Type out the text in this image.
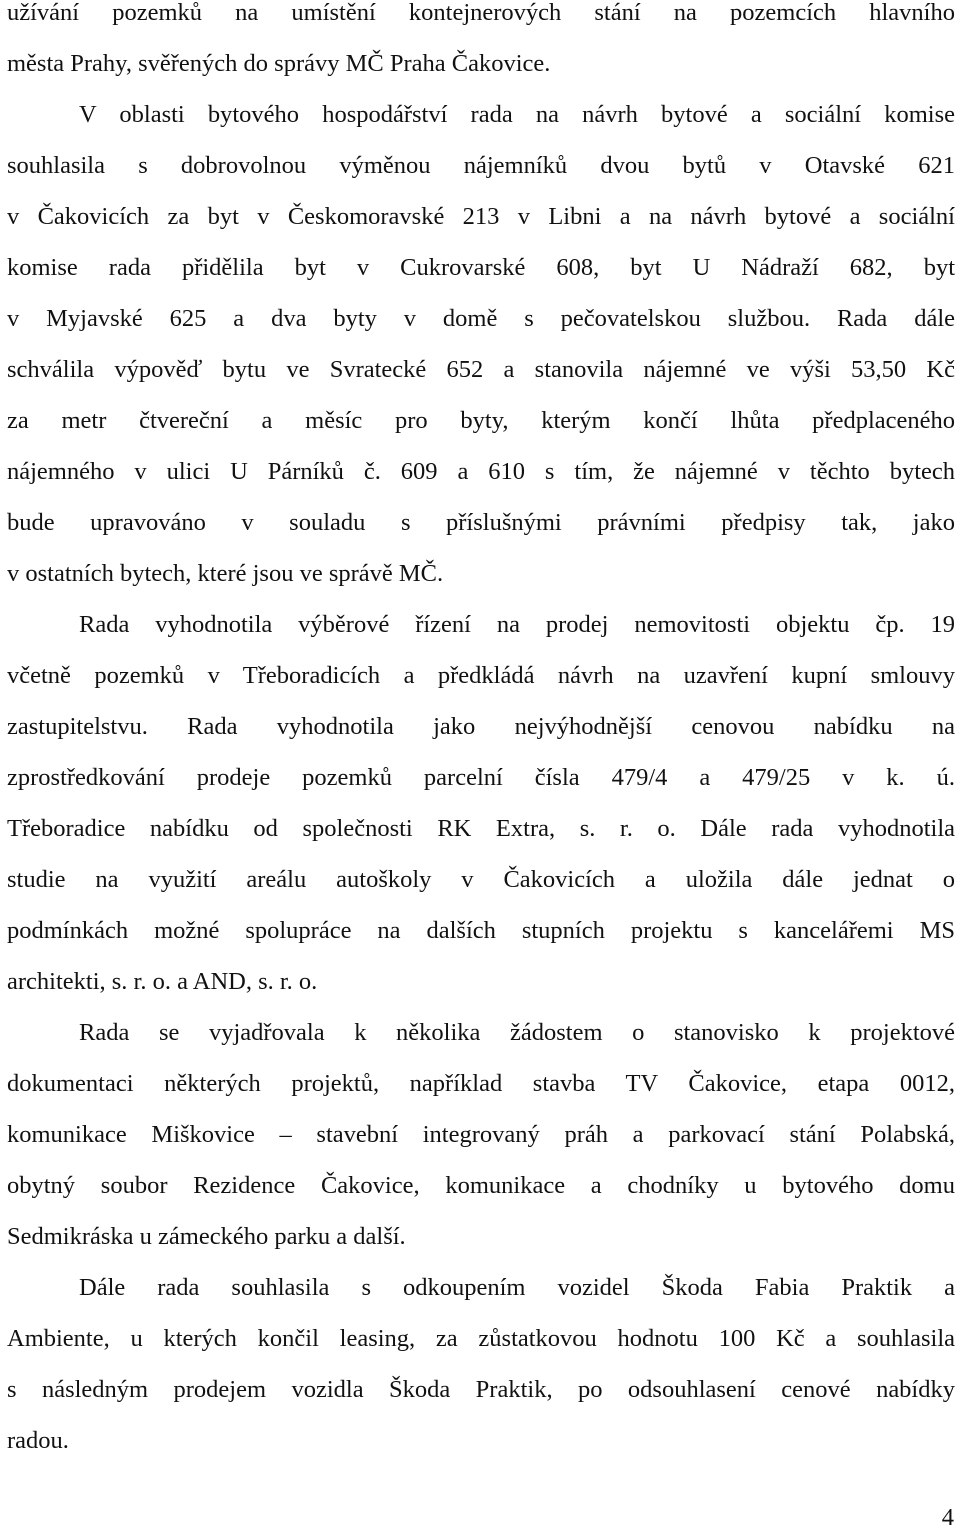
užívání pozemků na umístění kontejnerových stání na pozemcích hlavního
města Prahy, svěřených do správy MČ Praha Čakovice.
V oblasti bytového hospodářství rada na návrh bytové a sociální komise
souhlasila s dobrovolnou výměnou nájemníků dvou bytů v Otavské 621
v Čakovicích za byt v Českomoravské 213 v Libni a na návrh bytové a sociální
komise rada přidělila byt v Cukrovarské 608, byt U Nádraží 682, byt
v Myjavské 625 a dva byty v domě s pečovatelskou službou. Rada dále
schválila výpověď bytu ve Svratecké 652 a stanovila nájemné ve výši 53,50 Kč
za metr čtvereční a měsíc pro byty, kterým končí lhůta předplaceného
nájemného v ulici U Párníků č. 609 a 610 s tím, že nájemné v těchto bytech
bude upravováno v souladu s příslušnými právními předpisy tak, jako
v ostatních bytech, které jsou ve správě MČ.
Rada vyhodnotila výběrové řízení na prodej nemovitosti objektu čp. 19
včetně pozemků v Třeboradicích a předkládá návrh na uzavření kupní smlouvy
zastupitelstvu. Rada vyhodnotila jako nejvýhodnější cenovou nabídku na
zprostředkování prodeje pozemků parcelní čísla 479/4 a 479/25 v k. ú.
Třeboradice nabídku od společnosti RK Extra, s. r. o. Dále rada vyhodnotila
studie na využití areálu autoškoly v Čakovicích a uložila dále jednat o
podmínkách možné spolupráce na dalších stupních projektu s kancelářemi MS
architekti, s. r. o. a AND, s. r. o.
Rada se vyjadřovala k několika žádostem o stanovisko k projektové
dokumentaci některých projektů, například stavba TV Čakovice, etapa 0012,
komunikace Miškovice – stavební integrovaný práh a parkovací stání Polabská,
obytný soubor Rezidence Čakovice, komunikace a chodníky u bytového domu
Sedmikráska u zámeckého parku a další.
Dále rada souhlasila s odkoupením vozidel Škoda Fabia Praktik a
Ambiente, u kterých končil leasing, za zůstatkovou hodnotu 100 Kč a souhlasila
s následným prodejem vozidla Škoda Praktik, po odsouhlasení cenové nabídky
radou.
4
